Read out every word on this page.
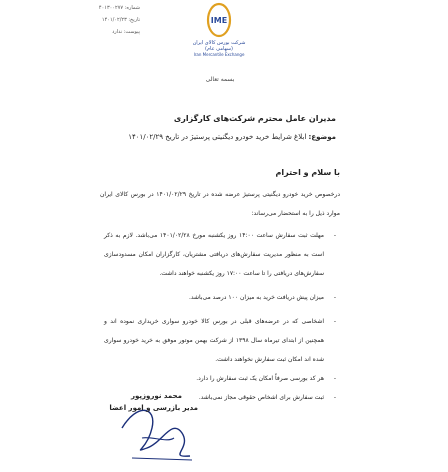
شماره: ۴۰۱۳۰۰۲۷۷
تاریخ: ۱۴۰۱/۰۲/۲۳
پیوست: ندارد
IME
شرکت بورس کالای ایران (سهامی عام)
Iran Mercantile Exchange
بسمه تعالی
مدیران عامل محترم شرکت‌های کارگزاری
موضوع: ابلاغ شرایط خرید خودرو دیگنیتی پرستیژ در تاریخ ۱۴۰۱/۰۲/۲۹
با سلام و احترام
درخصوص خرید خودرو دیگنیتی پرستیژ عرضه شده در تاریخ ۱۴۰۱/۰۲/۲۹ در بورس کالای ایران موارد ذیل را به استحضار می‌رساند:
-
مهلت ثبت سفارش ساعت ۱۴:۰۰ روز یکشنبه مورخ ۱۴۰۱/۰۲/۲۸ می‌باشد. لازم به ذکر است به منظور مدیریت سفارش‌های دریافتی مشتریان، کارگزاران امکان مسدودسازی سفارش‌های دریافتی را تا ساعت ۱۷:۰۰ روز یکشنبه خواهند داشت.
-
میزان پیش دریافت خرید به میزان ۱۰۰ درصد می‌باشد.
-
اشخاصی که در عرضه‌های قبلی در بورس کالا خودرو سواری خریداری نموده اند و همچنین از ابتدای تیرماه سال ۱۳۹۸ از شرکت بهمن موتور موفق به خرید خودرو سواری شده اند امکان ثبت سفارش نخواهند داشت.
-
هر کد بورسی صرفاً امکان یک ثبت سفارش را دارد.
-
ثبت سفارش برای اشخاص حقوقی مجاز نمی‌باشد.
محمد نوروزپور
مدیر بازرسی و امور اعضا
